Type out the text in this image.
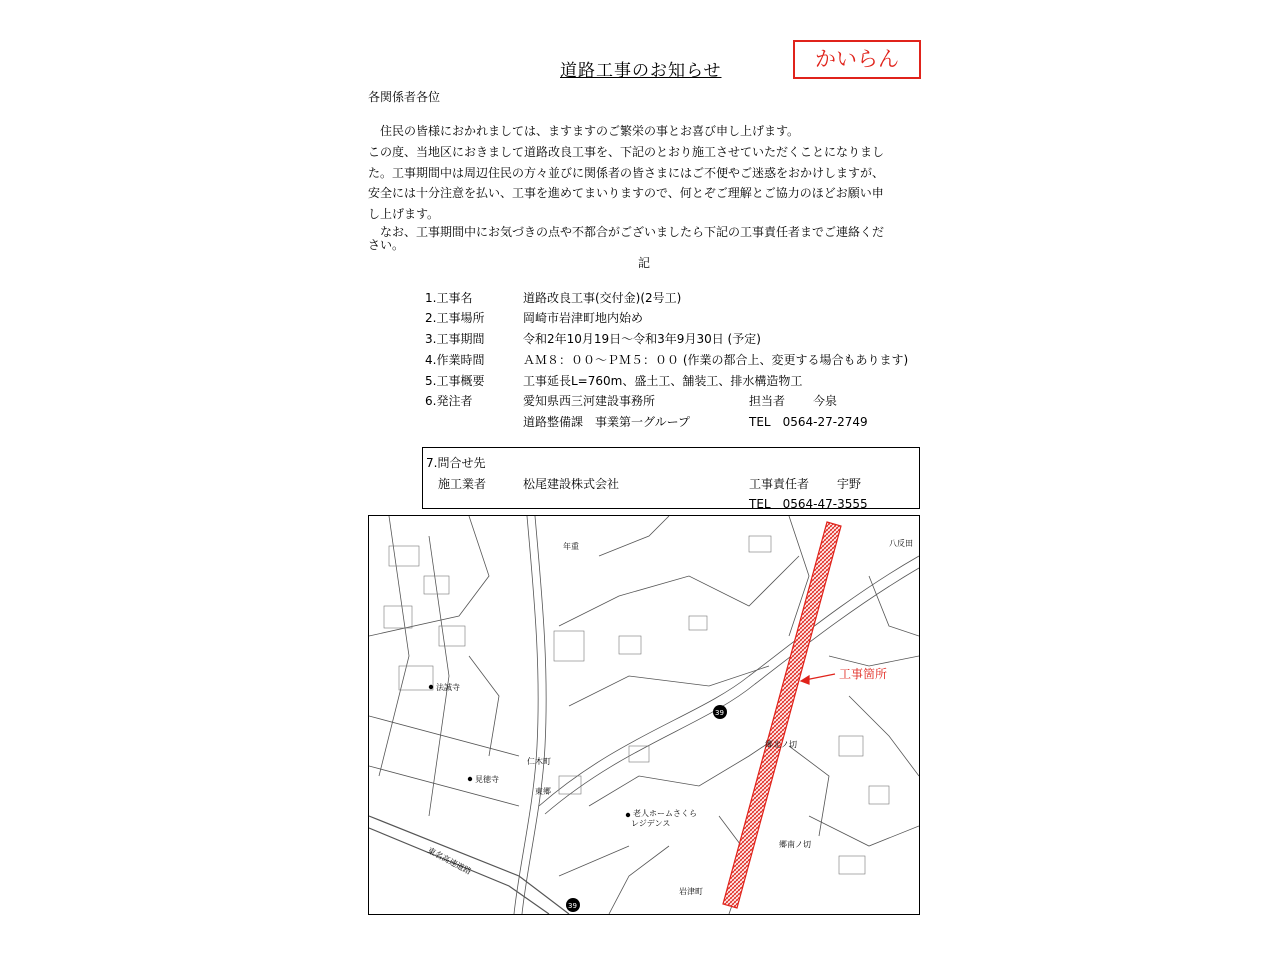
道路工事のお知らせ	かいらん
各関係者各位
　住民の皆様におかれましては、ますますのご繁栄の事とお喜び申し上げます。
この度、当地区におきまして道路改良工事を、下記のとおり施工させていただくことになりまし
た。工事期間中は周辺住民の方々並びに関係者の皆さまにはご不便やご迷惑をおかけしますが、
安全には十分注意を払い、工事を進めてまいりますので、何とぞご理解とご協力のほどお願い申
し上げます。
　なお、工事期間中にお気づきの点や不都合がございましたら下記の工事責任者までご連絡くだ
さい。
記
1.工事名	道路改良工事(交付金)(2号工)
2.工事場所	岡崎市岩津町地内始め
3.工事期間	令和2年10月19日～令和3年9月30日 (予定)
4.作業時間	ＡＭ８：００～ＰＭ５：００ (作業の都合上、変更する場合もあります)
5.工事概要	工事延長L=760m、盛土工、舗装工、排水構造物工
6.発注者	愛知県西三河建設事務所	担当者 今泉
道路整備課　事業第一グループ	TEL　0564-27-2749
7.問合せ先
施工業者	松尾建設株式会社	工事責任者 宇野
TEL　0564-47-3555
工事箇所
39
39
年重	八反田
法誠寺
見徳寺
仁木町
東郷
老人ホームさくら
レジデンス
郷北ノ切
郷南ノ切
岩津町
東名高速道路
